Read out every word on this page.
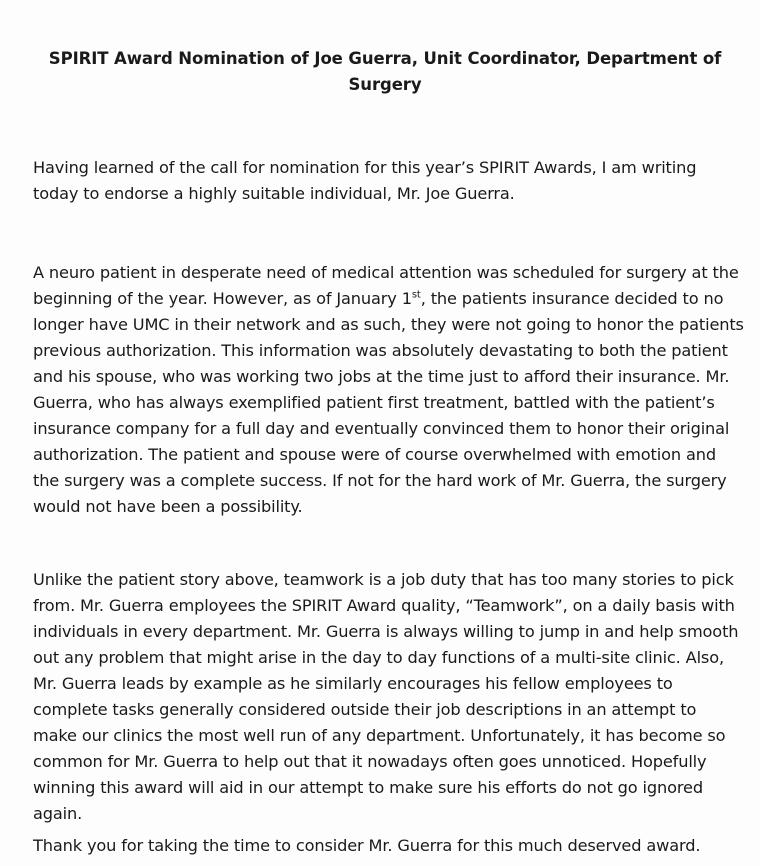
SPIRIT Award Nomination of Joe Guerra, Unit Coordinator, Department of Surgery

Having learned of the call for nomination for this year’s SPIRIT Awards, I am writing today to endorse a highly suitable individual, Mr. Joe Guerra.

A neuro patient in desperate need of medical attention was scheduled for surgery at the beginning of the year. However, as of January 1st, the patients insurance decided to no longer have UMC in their network and as such, they were not going to honor the patients previous authorization. This information was absolutely devastating to both the patient and his spouse, who was working two jobs at the time just to afford their insurance. Mr. Guerra, who has always exemplified patient first treatment, battled with the patient’s insurance company for a full day and eventually convinced them to honor their original authorization. The patient and spouse were of course overwhelmed with emotion and the surgery was a complete success. If not for the hard work of Mr. Guerra, the surgery would not have been a possibility.

Unlike the patient story above, teamwork is a job duty that has too many stories to pick from. Mr. Guerra employees the SPIRIT Award quality, “Teamwork”, on a daily basis with individuals in every department. Mr. Guerra is always willing to jump in and help smooth out any problem that might arise in the day to day functions of a multi-site clinic. Also, Mr. Guerra leads by example as he similarly encourages his fellow employees to complete tasks generally considered outside their job descriptions in an attempt to make our clinics the most well run of any department. Unfortunately, it has become so common for Mr. Guerra to help out that it nowadays often goes unnoticed. Hopefully winning this award will aid in our attempt to make sure his efforts do not go ignored again.

Thank you for taking the time to consider Mr. Guerra for this much deserved award.
